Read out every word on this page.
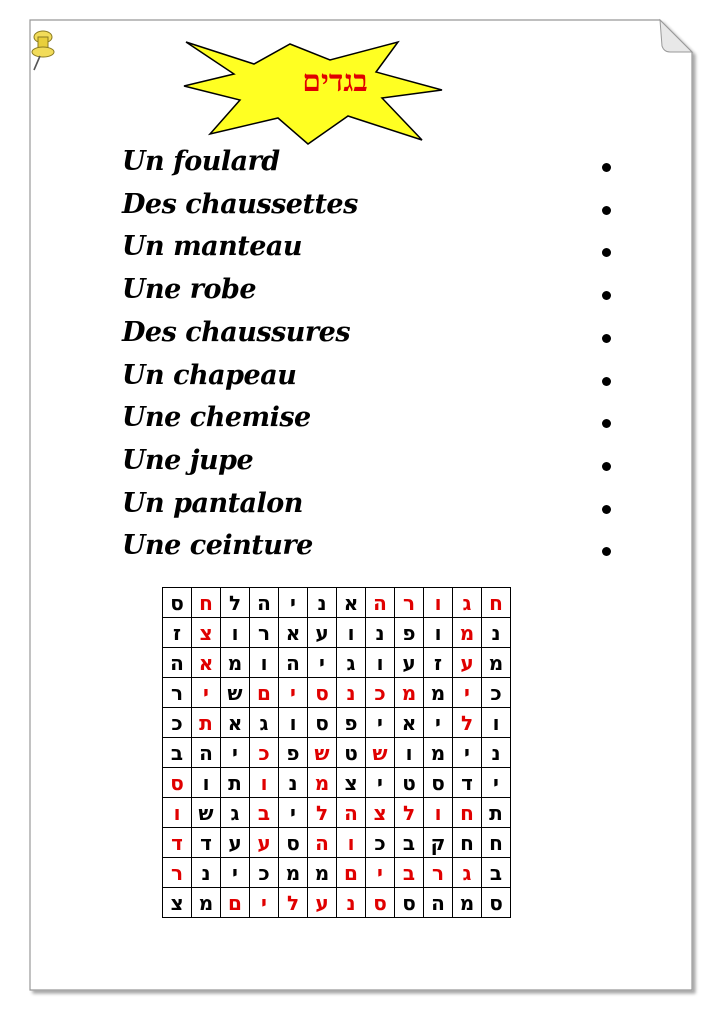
בגדים
Un foulard
Des chaussettes
Un manteau
Une robe
Des chaussures
Un chapeau
Une chemise
Une jupe
Un pantalon
Une ceinture
ס	ח	ל	ה	י	נ	א	ה	ר	ו	ג	ח
ז	צ	ו	ר	א	ע	ו	נ	פ	ו	מ	נ
ה	א	מ	ו	ה	י	ג	ו	ע	ז	ע	מ
ר	י	ש	ם	י	ס	נ	כ	מ	מ	י	כ
כ	ת	א	ג	ו	ס	פ	י	א	י	ל	ו
ב	ה	י	כ	פ	ש	ט	ש	ו	מ	י	נ
ס	ו	ת	ו	נ	מ	צ	י	ט	ס	ד	י
ו	ש	ג	ב	י	ל	ה	צ	ל	ו	ח	ת
ד	ד	ע	ע	ס	ה	ו	כ	ב	ק	ח	ח
ר	נ	י	כ	מ	מ	ם	י	ב	ר	ג	ב
צ	מ	ם	י	ל	ע	נ	ס	ס	ה	מ	ס
